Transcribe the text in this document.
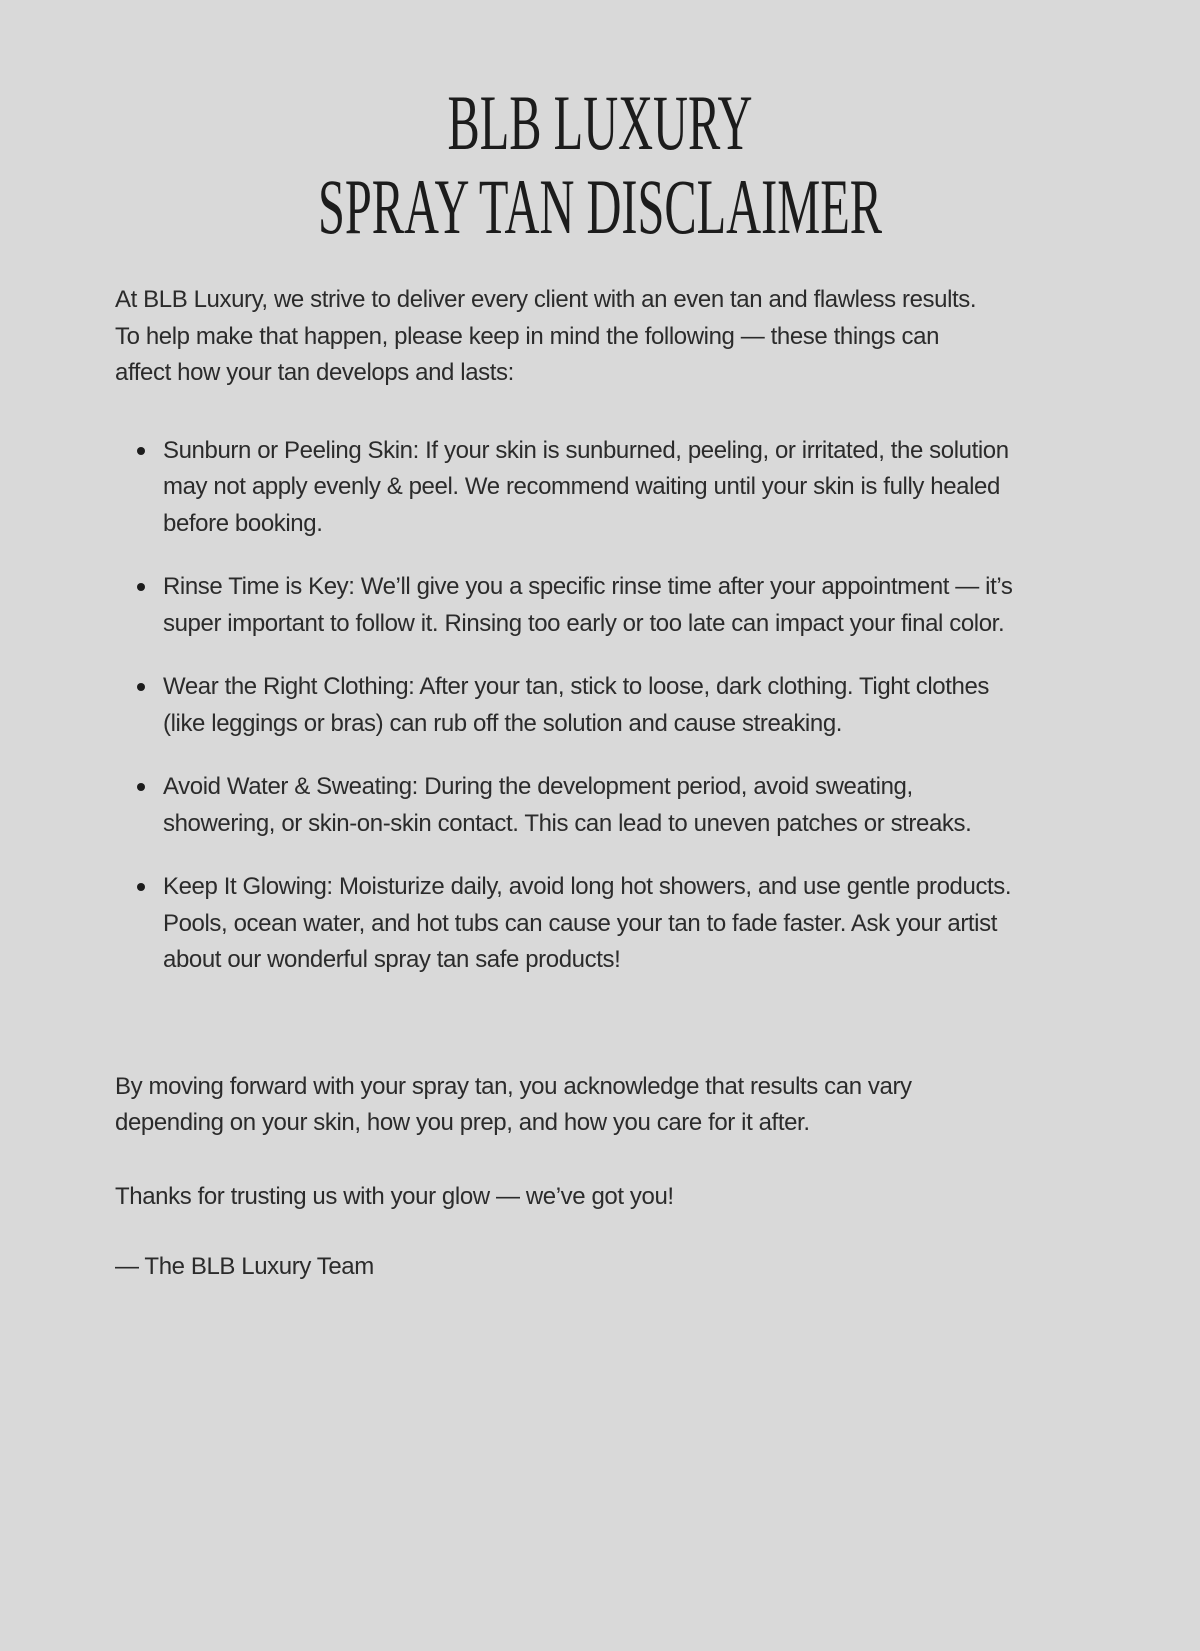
BLB LUXURY
SPRAY TAN DISCLAIMER

At BLB Luxury, we strive to deliver every client with an even tan and flawless results. To help make that happen, please keep in mind the following — these things can affect how your tan develops and lasts:

Sunburn or Peeling Skin: If your skin is sunburned, peeling, or irritated, the solution may not apply evenly & peel. We recommend waiting until your skin is fully healed before booking.
Rinse Time is Key: We’ll give you a specific rinse time after your appointment — it’s super important to follow it. Rinsing too early or too late can impact your final color.
Wear the Right Clothing: After your tan, stick to loose, dark clothing. Tight clothes (like leggings or bras) can rub off the solution and cause streaking.
Avoid Water & Sweating: During the development period, avoid sweating, showering, or skin-on-skin contact. This can lead to uneven patches or streaks.
Keep It Glowing: Moisturize daily, avoid long hot showers, and use gentle products. Pools, ocean water, and hot tubs can cause your tan to fade faster. Ask your artist about our wonderful spray tan safe products!

By moving forward with your spray tan, you acknowledge that results can vary depending on your skin, how you prep, and how you care for it after.

Thanks for trusting us with your glow — we’ve got you!

— The BLB Luxury Team
